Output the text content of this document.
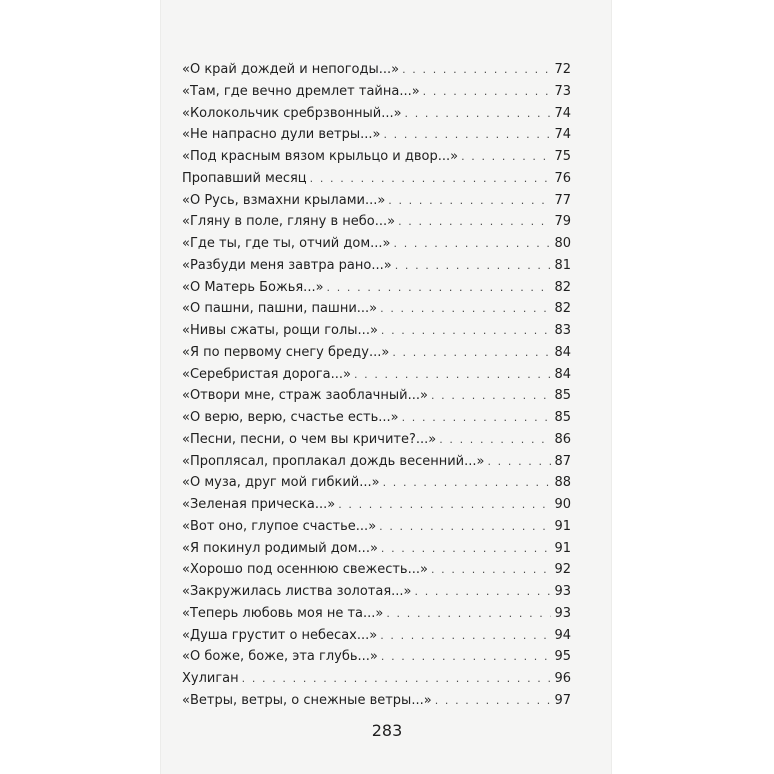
«О край дождей и непогоды...» . . .	72
«Там, где вечно дремлет тайна...» . . .	73
«Колокольчик сребрзвонный...» . . .	74
«Не напрасно дули ветры...» . . .	74
«Под красным вязом крыльцо и двор...» . . .	75
Пропавший месяц . . .	76
«О Русь, взмахни крылами...» . . .	77
«Гляну в поле, гляну в небо...» . . .	79
«Где ты, где ты, отчий дом...» . . .	80
«Разбуди меня завтра рано...» . . .	81
«О Матерь Божья...» . . .	82
«О пашни, пашни, пашни...» . . .	82
«Нивы сжаты, рощи голы...» . . .	83
«Я по первому снегу бреду...» . . .	84
«Серебристая дорога...» . . .	84
«Отвори мне, страж заоблачный...» . . .	85
«О верю, верю, счастье есть...» . . .	85
«Песни, песни, о чем вы кричите?...» . . .	86
«Проплясал, проплакал дождь весенний...» . . .	87
«О муза, друг мой гибкий...» . . .	88
«Зеленая прическа...» . . .	90
«Вот оно, глупое счастье...» . . .	91
«Я покинул родимый дом...» . . .	91
«Хорошо под осеннюю свежесть...» . . .	92
«Закружилась листва золотая...» . . .	93
«Теперь любовь моя не та...» . . .	93
«Душа грустит о небесах...» . . .	94
«О боже, боже, эта глубь...» . . .	95
Хулиган . . .	96
«Ветры, ветры, о снежные ветры...» . . .	97
283
